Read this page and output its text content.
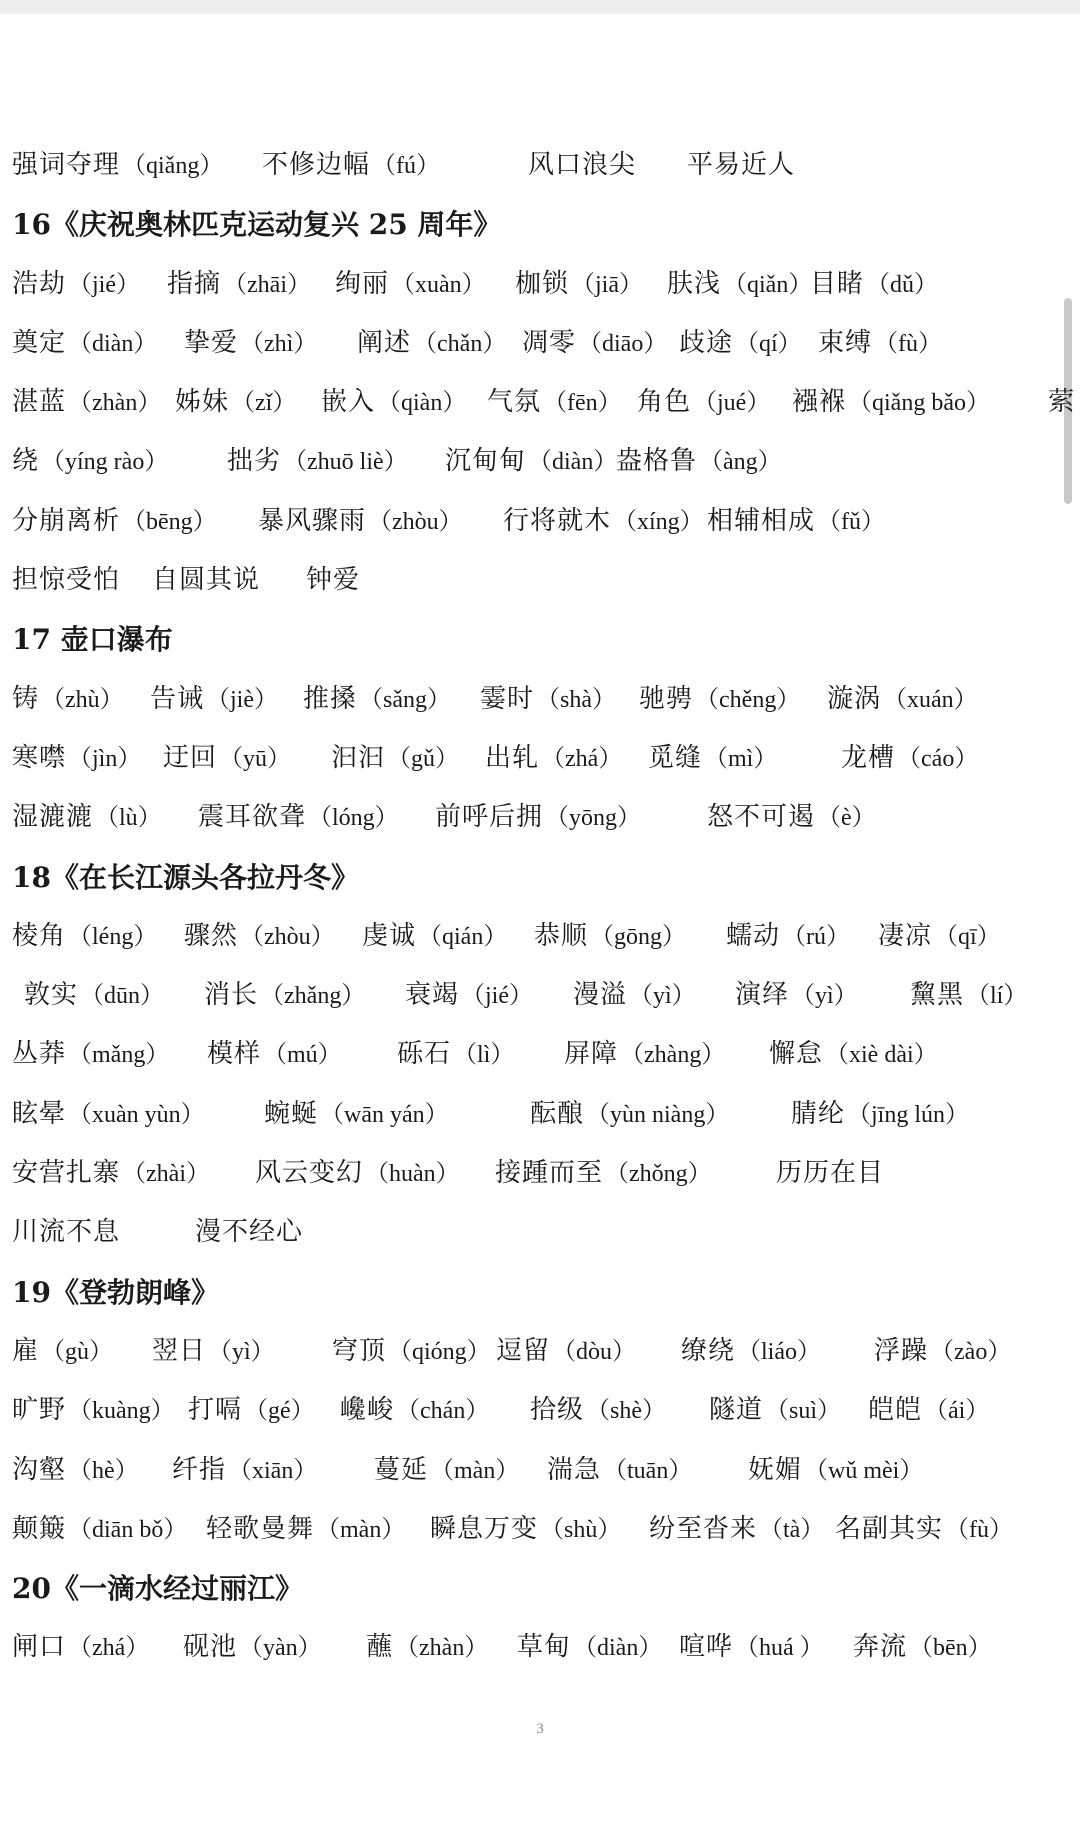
强词夺理（qiǎng） 不修边幅（fú）	风口浪尖 平易近人
16《庆祝奥林匹克运动复兴 25 周年》
浩劫（jié） 指摘（zhāi） 绚丽（xuàn） 枷锁（jiā） 肤浅（qiǎn）
目睹（dǔ）
奠定（diàn） 挚爱（zhì） 阐述（chǎn） 凋零（diāo） 歧途（qí） 束缚（fù）
湛蓝（zhàn） 姊妹（zǐ） 嵌入（qiàn） 气氛（fēn） 角色（jué） 襁褓（qiǎng bǎo） 萦
绕（yíng rào） 拙劣（zhuō liè） 沉甸甸（diàn）
盎格鲁（àng）
分崩离析（bēng） 暴风骤雨（zhòu） 行将就木（xíng） 相辅相成（fǔ）
担惊受怕 自圆其说 钟爱
17 壶口瀑布
铸（zhù） 告诫（jiè） 推搡（sǎng） 霎时（shà） 驰骋（chěng） 漩涡（xuán）
寒噤（jìn） 迂回（yū） 汩汩（gǔ） 出轧（zhá） 觅缝（mì） 龙槽（cáo）
湿漉漉（lù） 震耳欲聋（lóng） 前呼后拥（yōng）	怒不可遏（è）
18《在长江源头各拉丹冬》
棱角（léng） 骤然（zhòu） 虔诚（qián） 恭顺（gōng） 蠕动（rú） 凄凉（qī）
敦实（dūn） 消长（zhǎng） 衰竭（jié） 漫溢（yì） 演绎（yì） 黧黑（lí）
丛莽（mǎng） 模样（mú） 砾石（lì） 屏障（zhàng） 懈怠（xiè dài）
眩晕（xuàn yùn） 蜿蜒（wān yán）	酝酿（yùn niàng） 腈纶（jīng lún）
安营扎寨（zhài） 风云变幻（huàn） 接踵而至（zhǒng） 历历在目
川流不息	漫不经心
19《登勃朗峰》
雇（gù） 翌日（yì） 穹顶（qióng） 逗留（dòu） 缭绕（liáo） 浮躁（zào）
旷野（kuàng） 打嗝（gé） 巉峻（chán） 拾级（shè） 隧道（suì） 皑皑（ái）
沟壑（hè） 纤指（xiān） 蔓延（màn） 湍急（tuān） 妩媚（wǔ mèi）
颠簸（diān bǒ） 轻歌曼舞（màn） 瞬息万变（shù） 纷至沓来（tà） 名副其实（fù）
20《一滴水经过丽江》
闸口（zhá） 砚池（yàn） 蘸（zhàn） 草甸（diàn） 喧哗（huá ） 奔流（bēn）
3
